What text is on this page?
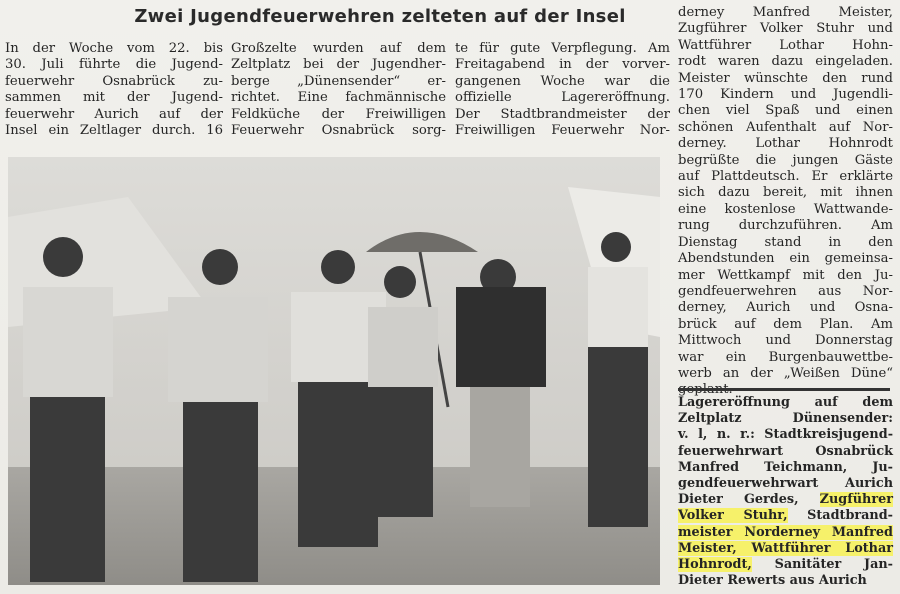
Zwei Jugendfeuerwehren zelteten auf der Insel
In der Woche vom 22. bis
30. Juli führte die Jugend-
feuerwehr Osnabrück zu-
sammen mit der Jugend-
feuerwehr Aurich auf der
Insel ein Zeltlager durch. 16
Großzelte wurden auf dem
Zeltplatz bei der Jugendher-
berge „Dünensender“ er-
richtet. Eine fachmännische
Feldküche der Freiwilligen
Feuerwehr Osnabrück sorg-
te für gute Verpflegung. Am
Freitagabend in der vorver-
gangenen Woche war die
offizielle Lagereröffnung.
Der Stadtbrandmeister der
Freiwilligen Feuerwehr Nor-
derney Manfred Meister,
Zugführer Volker Stuhr und
Wattführer Lothar Hohn-
rodt waren dazu eingeladen.
Meister wünschte den rund
170 Kindern und Jugendli-
chen viel Spaß und einen
schönen Aufenthalt auf Nor-
derney. Lothar Hohnrodt
begrüßte die jungen Gäste
auf Plattdeutsch. Er erklärte
sich dazu bereit, mit ihnen
eine kostenlose Wattwande-
rung durchzuführen. Am
Dienstag stand in den
Abendstunden ein gemeinsa-
mer Wettkampf mit den Ju-
gendfeuerwehren aus Nor-
derney, Aurich und Osna-
brück auf dem Plan. Am
Mittwoch und Donnerstag
war ein Burgenbauwettbe-
werb an der „Weißen Düne“
Lagereröffnung auf dem
Zeltplatz Dünensender:
v. l, n. r.: Stadtkreisjugend-
feuerwehrwart Osnabrück
Manfred Teichmann, Ju-
gendfeuerwehrwart Aurich
Dieter Gerdes, Zugführer
Volker Stuhr, Stadtbrand-
meister Norderney Manfred
Meister, Wattführer Lothar
Hohnrodt, Sanitäter Jan-
Dieter Rewerts aus Aurich
